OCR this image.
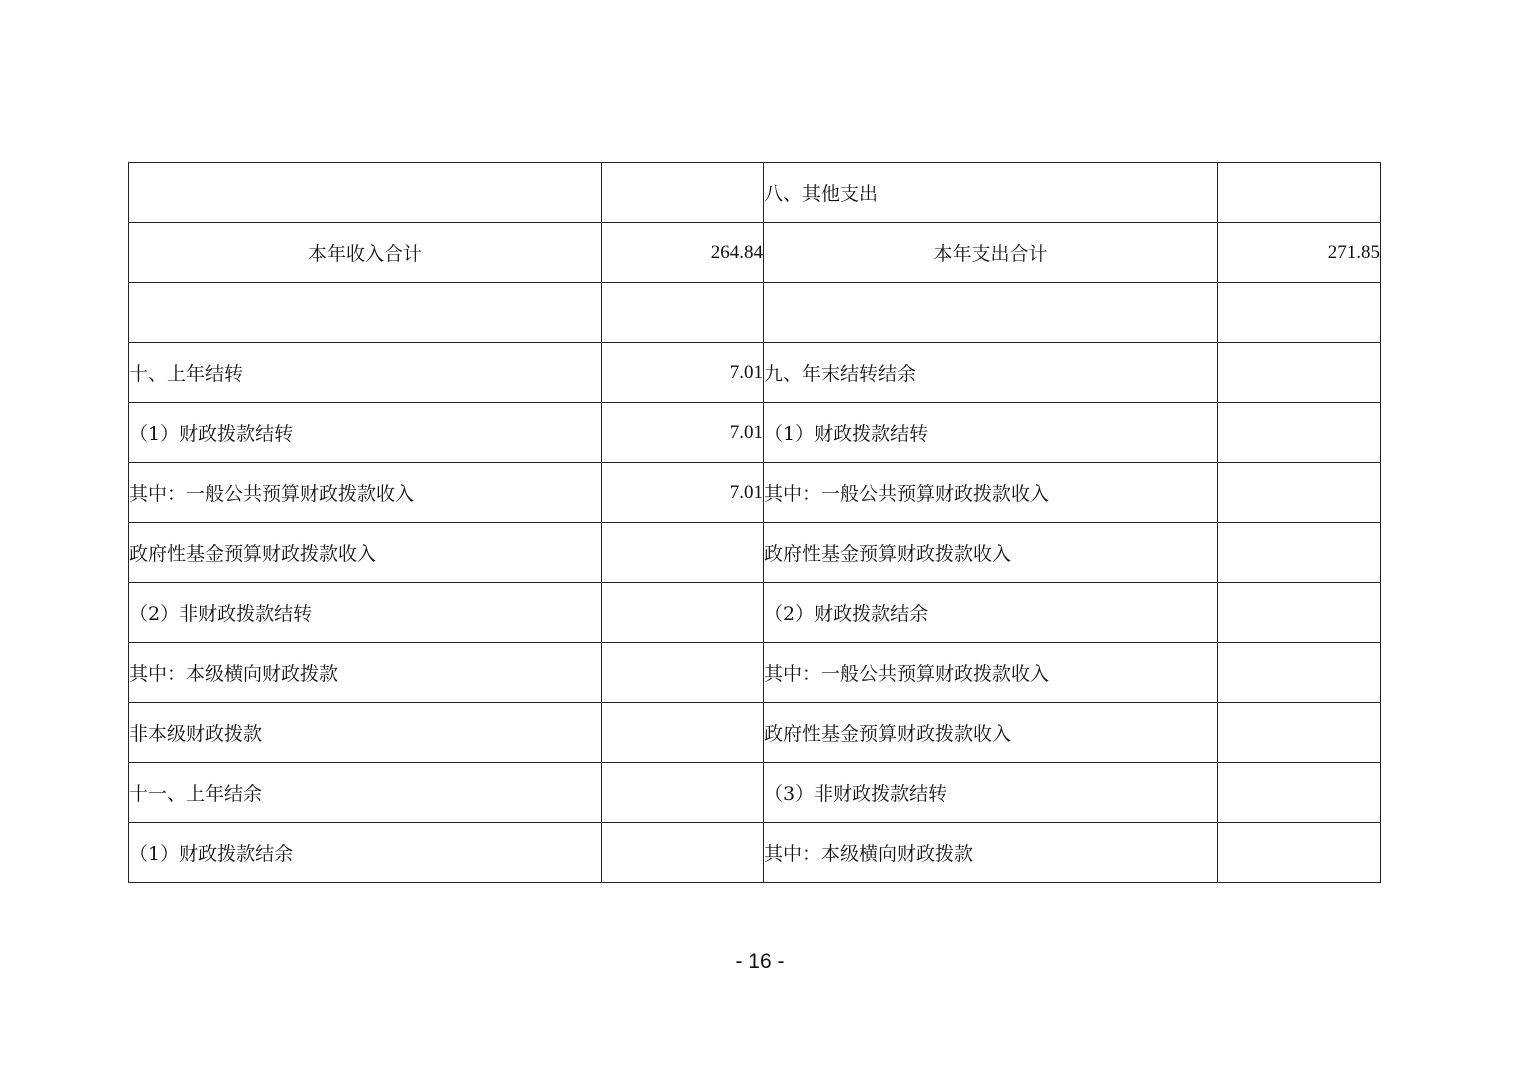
		八、其他支出	
本年收入合计	264.84	本年支出合计	271.85

十、上年结转	7.01	九、年末结转结余	
（1）财政拨款结转	7.01	（1）财政拨款结转	
其中：一般公共预算财政拨款收入	7.01	其中：一般公共预算财政拨款收入	
政府性基金预算财政拨款收入		政府性基金预算财政拨款收入	
（2）非财政拨款结转		（2）财政拨款结余	
其中：本级横向财政拨款		其中：一般公共预算财政拨款收入	
非本级财政拨款		政府性基金预算财政拨款收入	
十一、上年结余		（3）非财政拨款结转	
（1）财政拨款结余		其中：本级横向财政拨款	
- 16 -
